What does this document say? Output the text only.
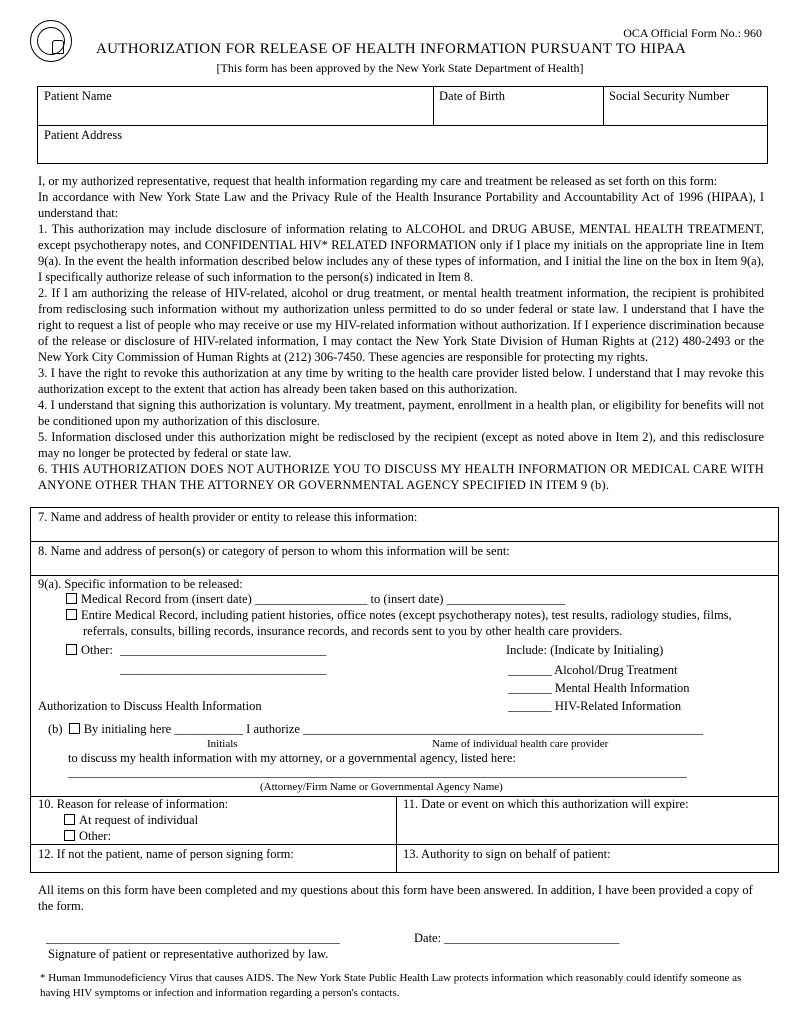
OCA Official Form No.: 960
AUTHORIZATION FOR RELEASE OF HEALTH INFORMATION PURSUANT TO HIPAA
[This form has been approved by the New York State Department of Health]
Patient Name	Date of Birth	Social Security Number
Patient Address

I, or my authorized representative, request that health information regarding my care and treatment be released as set forth on this form:

In accordance with New York State Law and the Privacy Rule of the Health Insurance Portability and Accountability Act of 1996 (HIPAA), I understand that:

1. This authorization may include disclosure of information relating to ALCOHOL and DRUG ABUSE, MENTAL HEALTH TREATMENT, except psychotherapy notes, and CONFIDENTIAL HIV* RELATED INFORMATION only if I place my initials on the appropriate line in Item 9(a). In the event the health information described below includes any of these types of information, and I initial the line on the box in Item 9(a), I specifically authorize release of such information to the person(s) indicated in Item 8.

2. If I am authorizing the release of HIV-related, alcohol or drug treatment, or mental health treatment information, the recipient is prohibited from redisclosing such information without my authorization unless permitted to do so under federal or state law. I understand that I have the right to request a list of people who may receive or use my HIV-related information without authorization. If I experience discrimination because of the release or disclosure of HIV-related information, I may contact the New York State Division of Human Rights at (212) 480-2493 or the New York City Commission of Human Rights at (212) 306-7450. These agencies are responsible for protecting my rights.

3. I have the right to revoke this authorization at any time by writing to the health care provider listed below. I understand that I may revoke this authorization except to the extent that action has already been taken based on this authorization.

4. I understand that signing this authorization is voluntary. My treatment, payment, enrollment in a health plan, or eligibility for benefits will not be conditioned upon my authorization of this disclosure.

5. Information disclosed under this authorization might be redisclosed by the recipient (except as noted above in Item 2), and this redisclosure may no longer be protected by federal or state law.

6. THIS AUTHORIZATION DOES NOT AUTHORIZE YOU TO DISCUSS MY HEALTH INFORMATION OR MEDICAL CARE WITH ANYONE OTHER THAN THE ATTORNEY OR GOVERNMENTAL AGENCY SPECIFIED IN ITEM 9 (b).

7. Name and address of health provider or entity to release this information:
8. Name and address of person(s) or category of person to whom this information will be sent:
9(a). Specific information to be released:
Medical Record from (insert date) __________________ to (insert date) ___________________
Entire Medical Record, including patient histories, office notes (except psychotherapy notes), test results, radiology studies, films,
referrals, consults, billing records, insurance records, and records sent to you by other health care providers.
Other: _________________________________
_________________________________
Include: (Indicate by Initialing)
_______ Alcohol/Drug Treatment
_______ Mental Health Information
_______ HIV-Related Information
Authorization to Discuss Health Information
(b) By initialing here ___________ I authorize ________________________________________________________________
Initials	Name of individual health care provider
to discuss my health information with my attorney, or a governmental agency, listed here:
___________________________________________________________________________________________________
(Attorney/Firm Name or Governmental Agency Name)
10. Reason for release of information:
At request of individual
Other:
11. Date or event on which this authorization will expire:
12. If not the patient, name of person signing form:	13. Authority to sign on behalf of patient:
All items on this form have been completed and my questions about this form have been answered. In addition, I have been provided a copy of the form.
_______________________________________________
Signature of patient or representative authorized by law.
Date: ____________________________
* Human Immunodeficiency Virus that causes AIDS. The New York State Public Health Law protects information which reasonably could identify someone as having HIV symptoms or infection and information regarding a person's contacts.
